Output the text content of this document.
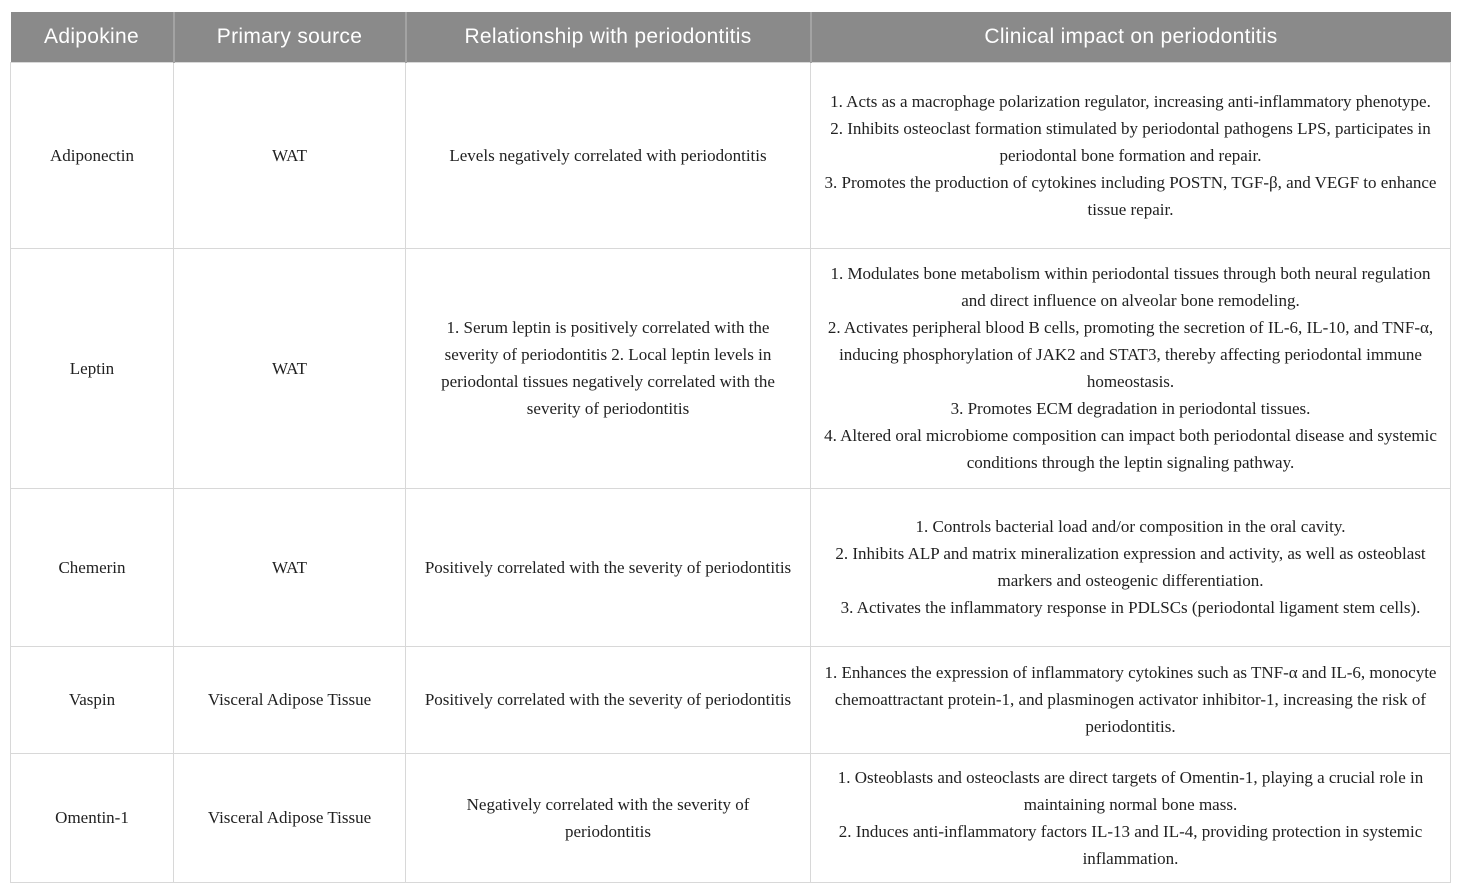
Adipokine	Primary source	Relationship with periodontitis	Clinical impact on periodontitis
Adiponectin	WAT	Levels negatively correlated with periodontitis	1. Acts as a macrophage polarization regulator, increasing anti-inflammatory phenotype.
2. Inhibits osteoclast formation stimulated by periodontal pathogens LPS, participates in periodontal bone formation and repair.
3. Promotes the production of cytokines including POSTN, TGF-β, and VEGF to enhance tissue repair.

Leptin	WAT	1. Serum leptin is positively correlated with the severity of periodontitis 2. Local leptin levels in periodontal tissues negatively correlated with the severity of periodontitis	1. Modulates bone metabolism within periodontal tissues through both neural regulation and direct influence on alveolar bone remodeling.
2. Activates peripheral blood B cells, promoting the secretion of IL-6, IL-10, and TNF-α, inducing phosphorylation of JAK2 and STAT3, thereby affecting periodontal immune homeostasis.
3. Promotes ECM degradation in periodontal tissues.
4. Altered oral microbiome composition can impact both periodontal disease and systemic conditions through the leptin signaling pathway.

Chemerin	WAT	Positively correlated with the severity of periodontitis	1. Controls bacterial load and/or composition in the oral cavity.
2. Inhibits ALP and matrix mineralization expression and activity, as well as osteoblast markers and osteogenic differentiation.
3. Activates the inflammatory response in PDLSCs (periodontal ligament stem cells).

Vaspin	Visceral Adipose Tissue	Positively correlated with the severity of periodontitis	1. Enhances the expression of inflammatory cytokines such as TNF-α and IL-6, monocyte chemoattractant protein-1, and plasminogen activator inhibitor-1, increasing the risk of periodontitis.

Omentin-1	Visceral Adipose Tissue	Negatively correlated with the severity of periodontitis	1. Osteoblasts and osteoclasts are direct targets of Omentin-1, playing a crucial role in maintaining normal bone mass.
2. Induces anti-inflammatory factors IL-13 and IL-4, providing protection in systemic inflammation.
